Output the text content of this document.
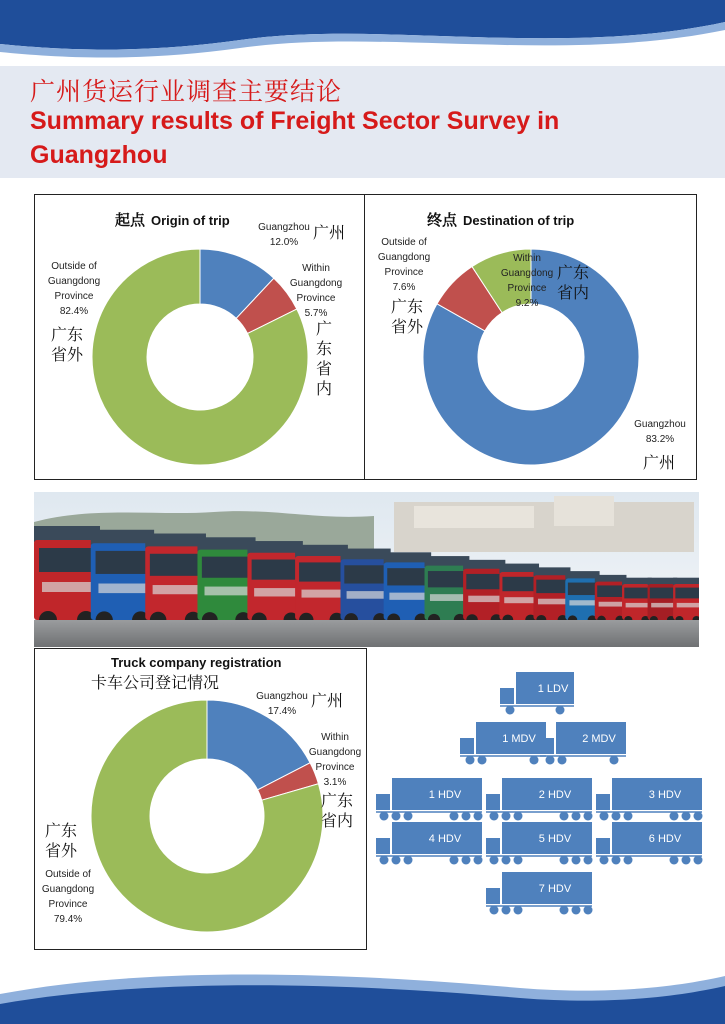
广州货运行业调查主要结论
Summary results of Freight Sector Survey in Guangzhou
起点 Origin of trip	Guangzhou
12.0%
广州
Within
Guangdong
Province
5.7%
广
东
省
内
Outside of
Guangdong
Province
82.4%
广东
省外
终点 Destination of trip
Outside of
Guangdong
Province
7.6%
广东
省外
Within
Guangdong
Province
9.2%
广东
省内
Guangzhou
83.2%
广州
Truck company registration
卡车公司登记情况
Guangzhou
17.4%
广州
Within
Guangdong
Province
3.1%
广东
省内
广东
省外
Outside of
Guangdong
Province
79.4%
1 LDV
1 MDV	2 MDV
1 HDV	2 HDV	3 HDV
4 HDV	5 HDV	6 HDV
7 HDV
